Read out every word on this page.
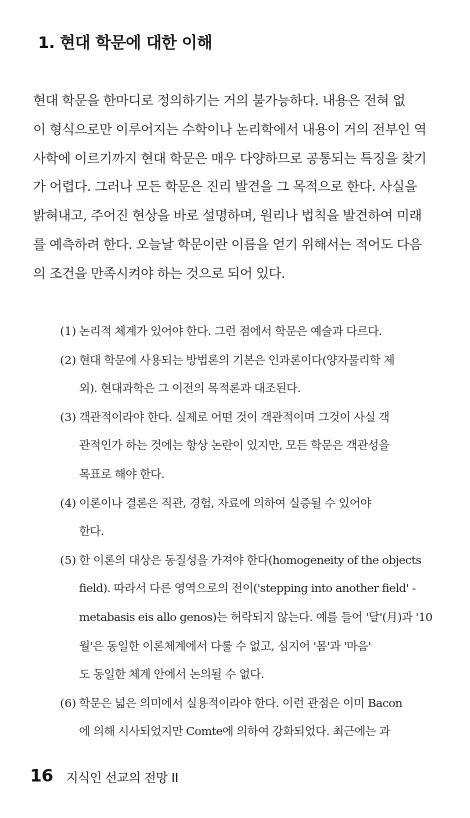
1. 현대 학문에 대한 이해
현대 학문을 한마디로 정의하기는 거의 불가능하다. 내용은 전혀 없
이 형식으로만 이루어지는 수학이나 논리학에서 내용이 거의 전부인 역
사학에 이르기까지 현대 학문은 매우 다양하므로 공통되는 특징을 찾기
가 어렵다. 그러나 모든 학문은 진리 발견을 그 목적으로 한다. 사실을
밝혀내고, 주어진 현상을 바로 설명하며, 원리나 법칙을 발견하여 미래
를 예측하려 한다. 오늘날 학문이란 이름을 얻기 위해서는 적어도 다음
의 조건을 만족시켜야 하는 것으로 되어 있다.
(1) 논리적 체계가 있어야 한다. 그런 점에서 학문은 예술과 다르다.
(2) 현대 학문에 사용되는 방법론의 기본은 인과론이다(양자물리학 제
외). 현대과학은 그 이전의 목적론과 대조된다.
(3) 객관적이라야 한다. 실제로 어떤 것이 객관적이며 그것이 사실 객
관적인가 하는 것에는 항상 논란이 있지만, 모든 학문은 객관성을
목표로 해야 한다.
(4) 이론이나 결론은 직관, 경험, 자료에 의하여 실증될 수 있어야
한다.
(5) 한 이론의 대상은 동질성을 가져야 한다(homogeneity of the objects
field). 따라서 다른 영역으로의 전이('stepping into another field' -
metabasis eis allo genos)는 허락되지 않는다. 예를 들어 '달'(月)과 '10
월'은 동일한 이론체계에서 다룰 수 없고, 심지어 '몸'과 '마음'
도 동일한 체계 안에서 논의될 수 없다.
(6) 학문은 넓은 의미에서 실용적이라야 한다. 이런 관점은 이미 Bacon
에 의해 시사되었지만 Comte에 의하여 강화되었다. 최근에는 과
16 지식인 선교의 전망 II
